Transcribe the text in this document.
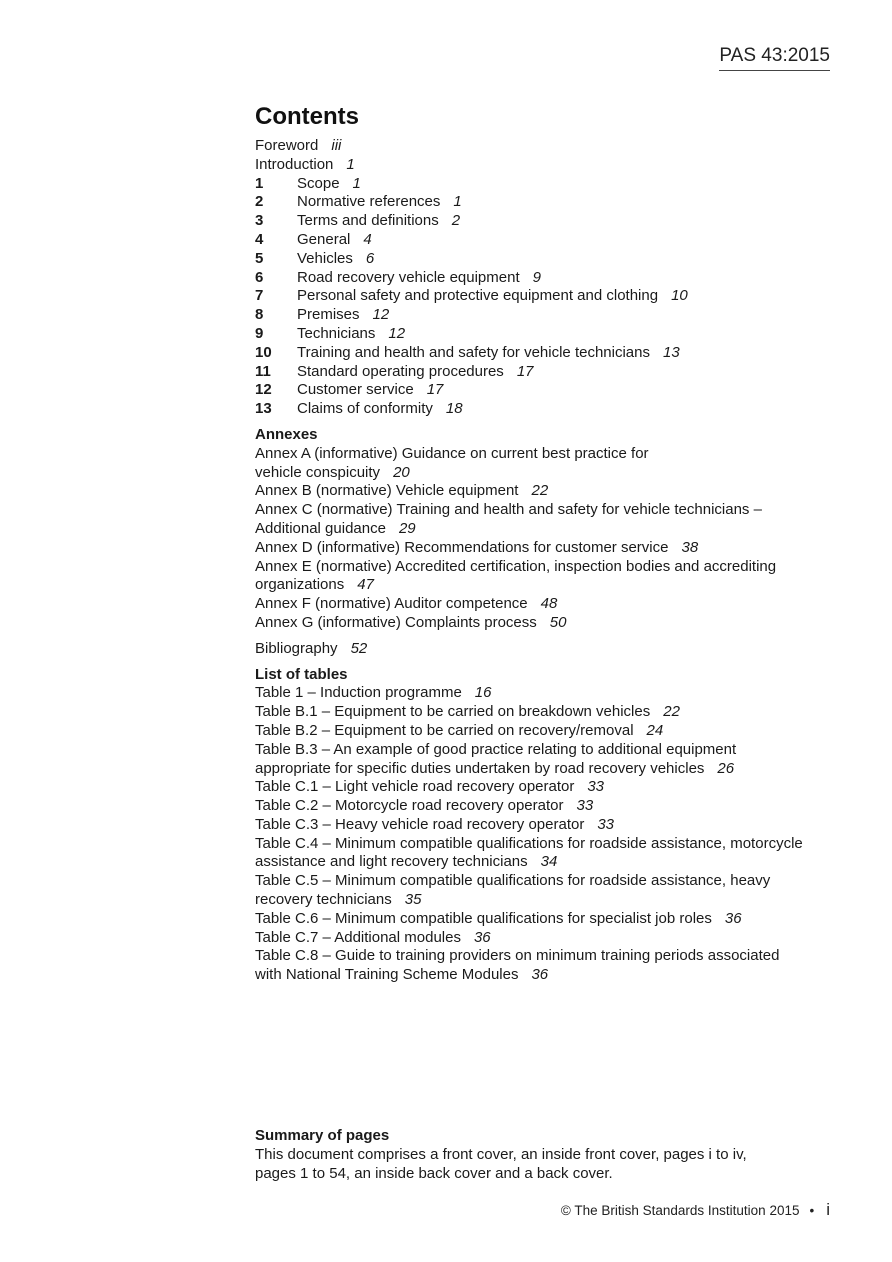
PAS 43:2015
Contents
Foreword iii
Introduction 1
1 Scope 1
2 Normative references 1
3 Terms and definitions 2
4 General 4
5 Vehicles 6
6 Road recovery vehicle equipment 9
7 Personal safety and protective equipment and clothing 10
8 Premises 12
9 Technicians 12
10 Training and health and safety for vehicle technicians 13
11 Standard operating procedures 17
12 Customer service 17
13 Claims of conformity 18
Annexes
Annex A (informative) Guidance on current best practice for
vehicle conspicuity 20
Annex B (normative) Vehicle equipment 22
Annex C (normative) Training and health and safety for vehicle technicians –
Additional guidance 29
Annex D (informative) Recommendations for customer service 38
Annex E (normative) Accredited certification, inspection bodies and accrediting
organizations 47
Annex F (normative) Auditor competence 48
Annex G (informative) Complaints process 50
Bibliography 52
List of tables
Table 1 – Induction programme 16
Table B.1 – Equipment to be carried on breakdown vehicles 22
Table B.2 – Equipment to be carried on recovery/removal 24
Table B.3 – An example of good practice relating to additional equipment
appropriate for specific duties undertaken by road recovery vehicles 26
Table C.1 – Light vehicle road recovery operator 33
Table C.2 – Motorcycle road recovery operator 33
Table C.3 – Heavy vehicle road recovery operator 33
Table C.4 – Minimum compatible qualifications for roadside assistance, motorcycle
assistance and light recovery technicians 34
Table C.5 – Minimum compatible qualifications for roadside assistance, heavy
recovery technicians 35
Table C.6 – Minimum compatible qualifications for specialist job roles 36
Table C.7 – Additional modules 36
Table C.8 – Guide to training providers on minimum training periods associated
with National Training Scheme Modules 36
Summary of pages
This document comprises a front cover, an inside front cover, pages i to iv,
pages 1 to 54, an inside back cover and a back cover.
© The British Standards Institution 2015 • i
